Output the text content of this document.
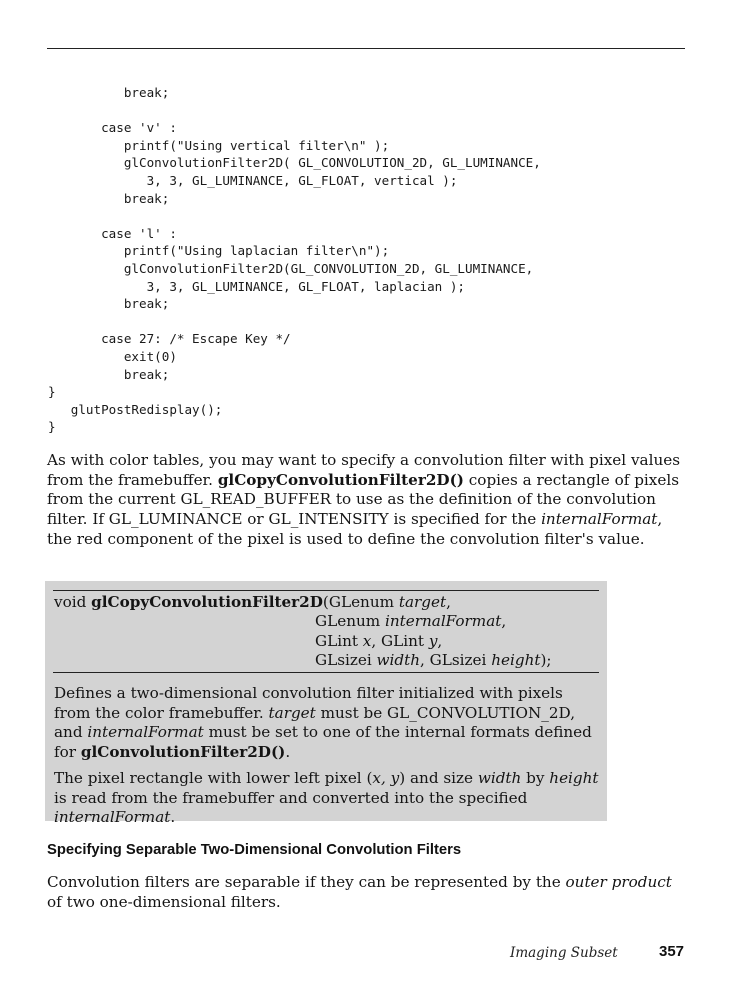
break;

case 'v' :
printf("Using vertical filter\n" );
glConvolutionFilter2D( GL_CONVOLUTION_2D, GL_LUMINANCE,
3, 3, GL_LUMINANCE, GL_FLOAT, vertical );
break;

case 'l' :
printf("Using laplacian filter\n");
glConvolutionFilter2D(GL_CONVOLUTION_2D, GL_LUMINANCE,
3, 3, GL_LUMINANCE, GL_FLOAT, laplacian );
break;

case 27: /* Escape Key */
exit(0)
break;
}
glutPostRedisplay();
}

As with color tables, you may want to specify a convolution filter with pixel values from the framebuffer. glCopyConvolutionFilter2D() copies a rectangle of pixels from the current GL_READ_BUFFER to use as the definition of the convolution filter. If GL_LUMINANCE or GL_INTENSITY is specified for the internalFormat, the red component of the pixel is used to define the convolution filter's value.

void glCopyConvolutionFilter2D(GLenum target,
GLenum internalFormat,
GLint x, GLint y,
GLsizei width, GLsizei height);

Defines a two-dimensional convolution filter initialized with pixels from the color framebuffer. target must be GL_CONVOLUTION_2D, and internalFormat must be set to one of the internal formats defined for glConvolutionFilter2D().

The pixel rectangle with lower left pixel (x, y) and size width by height is read from the framebuffer and converted into the specified internalFormat.

Specifying Separable Two-Dimensional Convolution Filters

Convolution filters are separable if they can be represented by the outer product of two one-dimensional filters.

Imaging Subset	357
